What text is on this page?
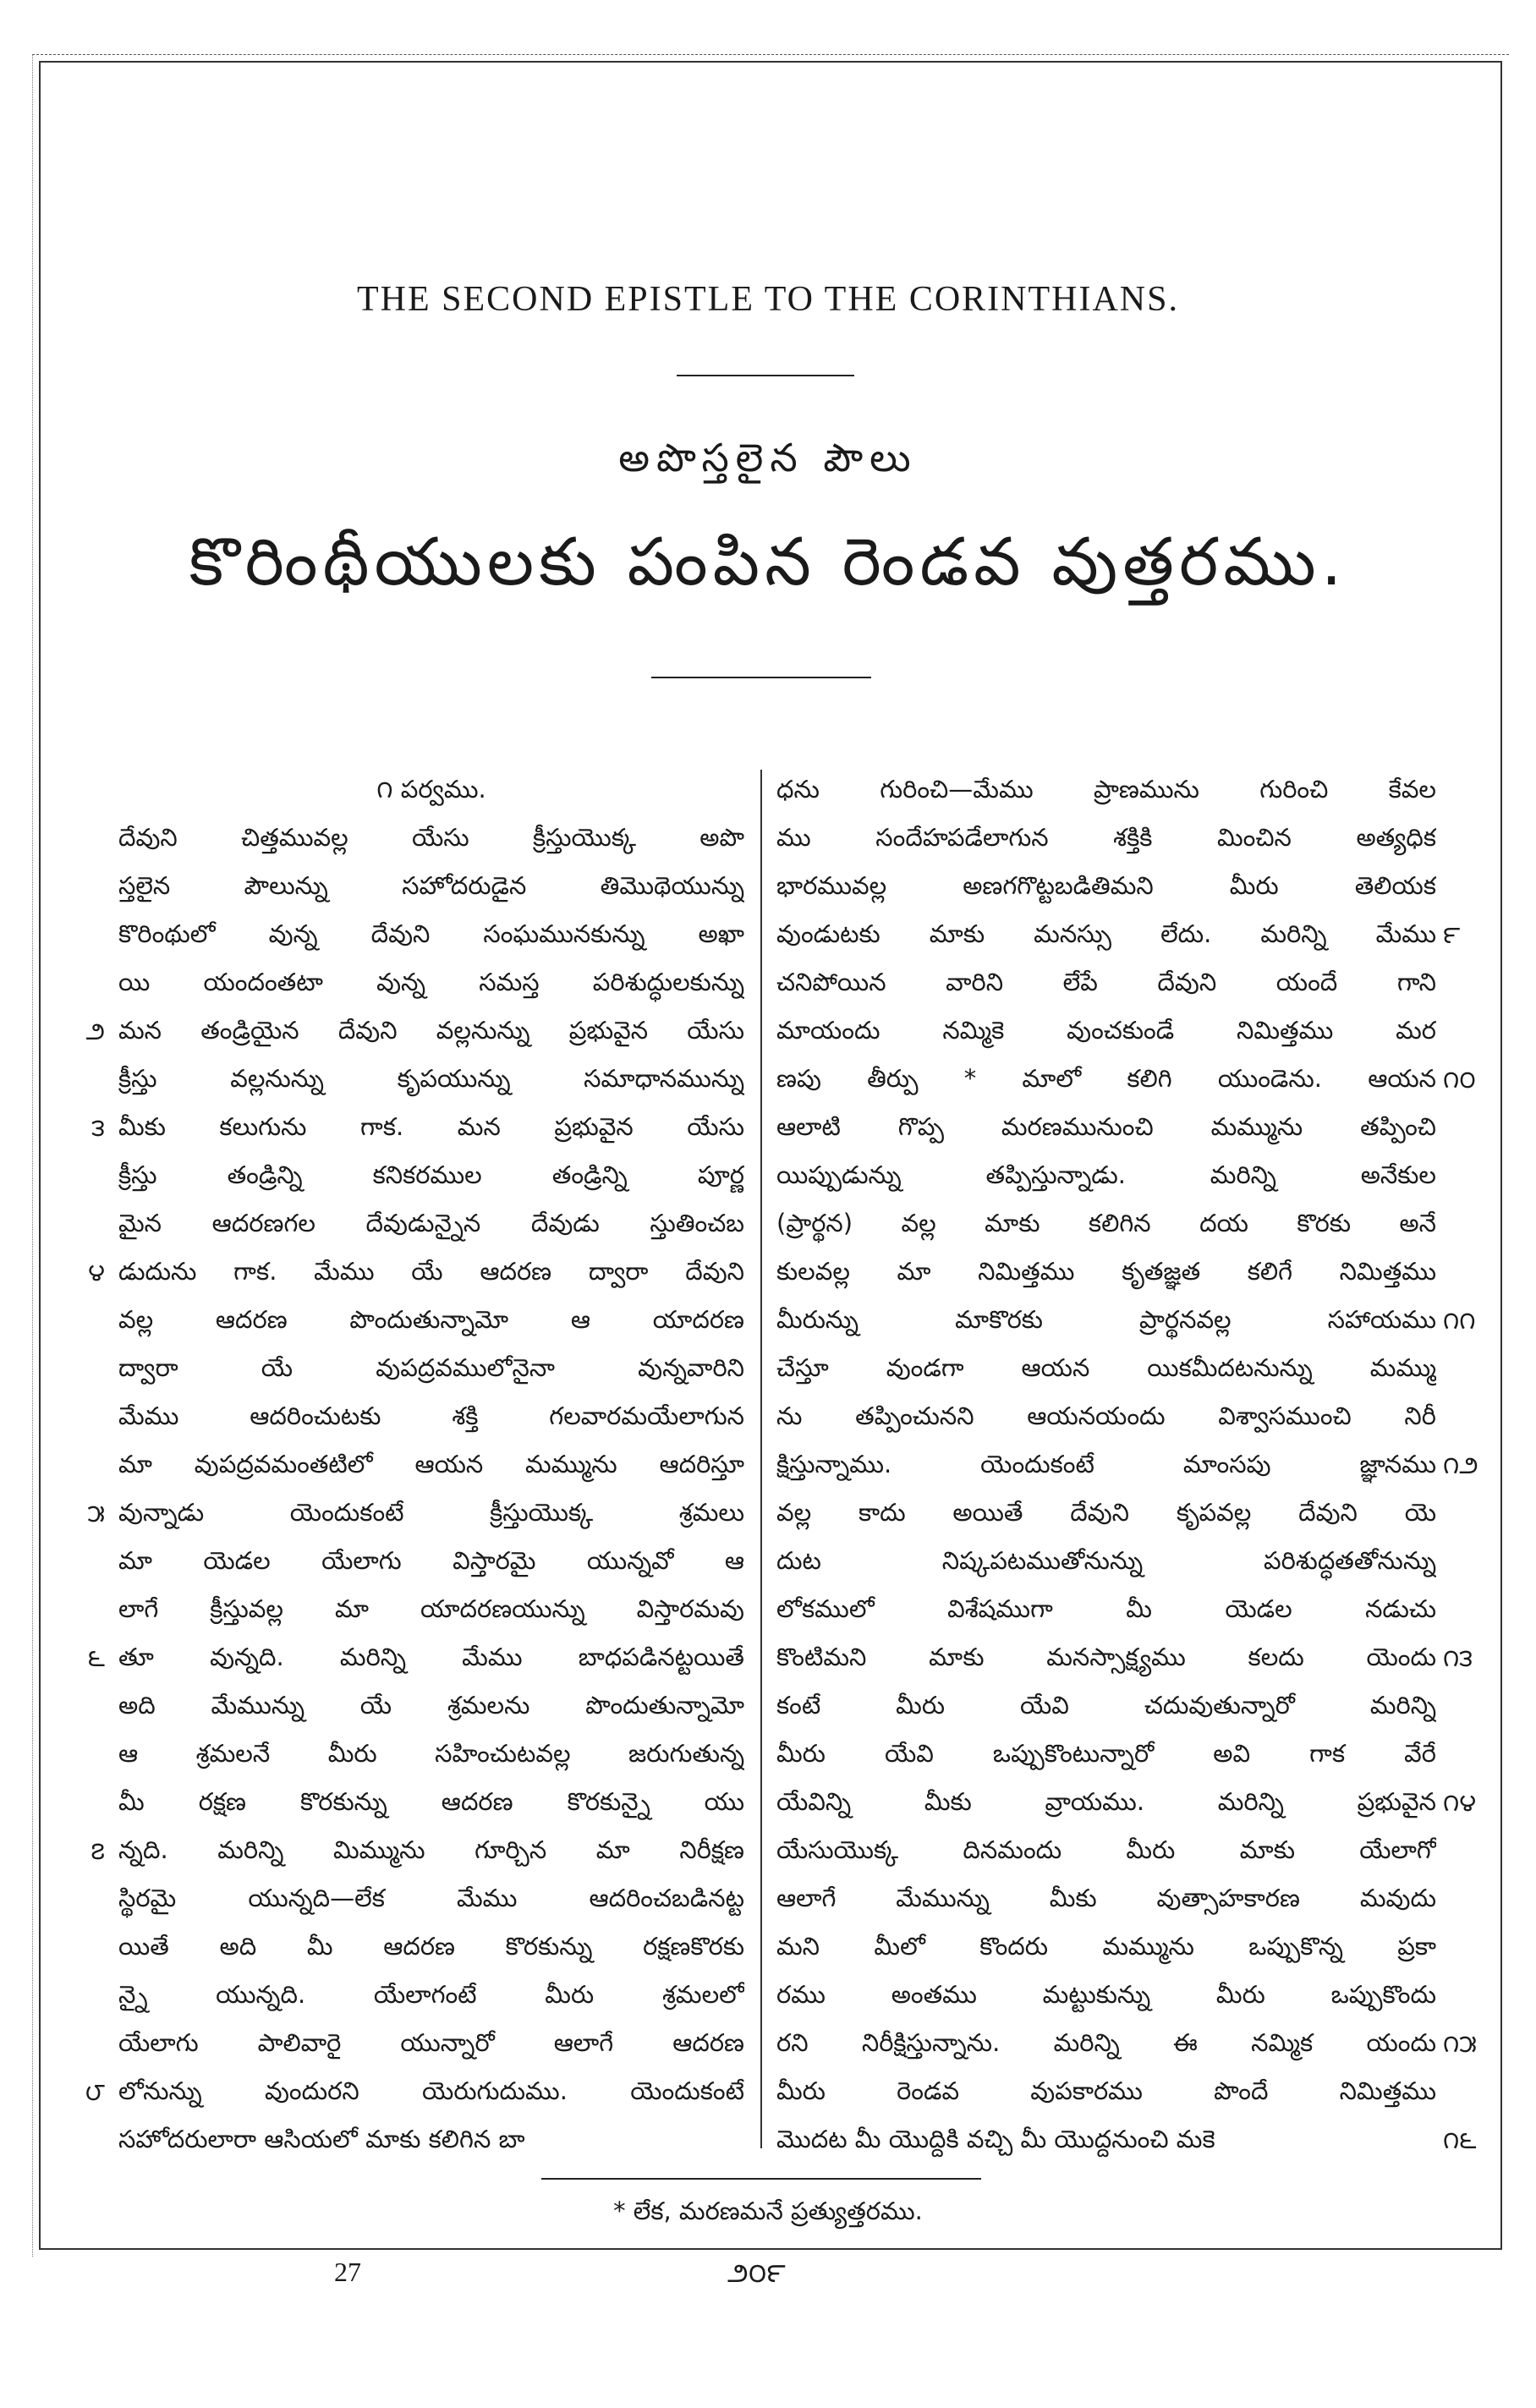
THE SECOND EPISTLE TO THE CORINTHIANS.
అపొస్తలైన పౌలు
కొరింథీయులకు పంపిన రెండవ వుత్తరము.

౧ పర్వము.

దేవుని చిత్తమువల్ల యేసు క్రీస్తుయొక్క అపొ

స్తలైన పౌలున్ను సహోదరుడైన తిమొథెయున్ను

కొరింథులో వున్న దేవుని సంఘమునకున్ను అఖా

యి యందంతటా వున్న సమస్త పరిశుద్ధులకున్ను

మన తండ్రియైన దేవుని వల్లనున్ను ప్రభువైన యేసు

క్రీస్తు వల్లనున్ను కృపయున్ను సమాధానమున్ను

మీకు కలుగును గాక. మన ప్రభువైన యేసు

క్రీస్తు తండ్రిన్ని కనికరముల తండ్రిన్ని పూర్ణ

మైన ఆదరణగల దేవుడున్నైన దేవుడు స్తుతించబ

డుదును గాక. మేము యే ఆదరణ ద్వారా దేవుని

వల్ల ఆదరణ పొందుతున్నామో ఆ యాదరణ

ద్వారా యే వుపద్రవములోనైనా వున్నవారిని

మేము ఆదరించుటకు శక్తి గలవారమయేలాగున

మా వుపద్రవమంతటిలో ఆయన మమ్మును ఆదరిస్తూ

వున్నాడు యెందుకంటే క్రీస్తుయొక్క శ్రమలు

మా యెడల యేలాగు విస్తారమై యున్నవో ఆ

లాగే క్రీస్తువల్ల మా యాదరణయున్ను విస్తారమవు

తూ వున్నది. మరిన్ని మేము బాధపడినట్టయితే

అది మేమున్ను యే శ్రమలను పొందుతున్నామో

ఆ శ్రమలనే మీరు సహించుటవల్ల జరుగుతున్న

మీ రక్షణ కొరకున్ను ఆదరణ కొరకున్నై యు

న్నది. మరిన్ని మిమ్మును గూర్చిన మా నిరీక్షణ

స్థిరమై యున్నది—లేక మేము ఆదరించబడినట్ట

యితే అది మీ ఆదరణ కొరకున్ను రక్షణకొరకు

న్నై యున్నది. యేలాగంటే మీరు శ్రమలలో

యేలాగు పాలివారై యున్నారో ఆలాగే ఆదరణ

లోనున్ను వుందురని యెరుగుదుము. యెందుకంటే

సహోదరులారా ఆసియలో మాకు కలిగిన బా

ధను గురించి—మేము ప్రాణమును గురించి కేవల

ము సందేహపడేలాగున శక్తికి మించిన అత్యధిక

భారమువల్ల అణగగొట్టబడితిమని మీరు తెలియక

వుండుటకు మాకు మనస్సు లేదు. మరిన్ని మేము

చనిపోయిన వారిని లేపే దేవుని యందే గాని

మాయందు నమ్మికె వుంచకుండే నిమిత్తము మర

ణపు తీర్పు * మాలో కలిగి యుండెను. ఆయన

ఆలాటి గొప్ప మరణమునుంచి మమ్మును తప్పించి

యిప్పుడున్ను తప్పిస్తున్నాడు. మరిన్ని అనేకుల

(ప్రార్థన) వల్ల మాకు కలిగిన దయ కొరకు అనే

కులవల్ల మా నిమిత్తము కృతజ్ఞత కలిగే నిమిత్తము

మీరున్ను మాకొరకు ప్రార్థనవల్ల సహాయము

చేస్తూ వుండగా ఆయన యికమీదటనున్ను మమ్ము

ను తప్పించునని ఆయనయందు విశ్వాసముంచి నిరీ

క్షిస్తున్నాము. యెందుకంటే మాంసపు జ్ఞానము

వల్ల కాదు అయితే దేవుని కృపవల్ల దేవుని యె

దుట నిష్కపటముతోనున్ను పరిశుద్ధతతోనున్ను

లోకములో విశేషముగా మీ యెడల నడుచు

కొంటిమని మాకు మనస్సాక్ష్యము కలదు యెందు

కంటే మీరు యేవి చదువుతున్నారో మరిన్ని

మీరు యేవి ఒప్పుకొంటున్నారో అవి గాక వేరే

యేవిన్ని మీకు వ్రాయము. మరిన్ని ప్రభువైన

యేసుయొక్క దినమందు మీరు మాకు యేలాగో

ఆలాగే మేమున్ను మీకు వుత్సాహకారణ మవుదు

మని మీలో కొందరు మమ్మును ఒప్పుకొన్న ప్రకా

రము అంతము మట్టుకున్ను మీరు ఒప్పుకొందు

రని నిరీక్షిస్తున్నాను. మరిన్ని ఈ నమ్మిక యందు

మీరు రెండవ వుపకారము పొందే నిమిత్తము

మొదట మీ యొద్దికి వచ్చి మీ యొద్దనుంచి మకె

౨
౩
౪
౫
౬
౭
౮
౯
౧౦
౧౧
౧౨
౧౩
౧౪
౧౫
౧౬
* లేక, మరణమనే ప్రత్యుత్తరము.
27	౨౦౯
